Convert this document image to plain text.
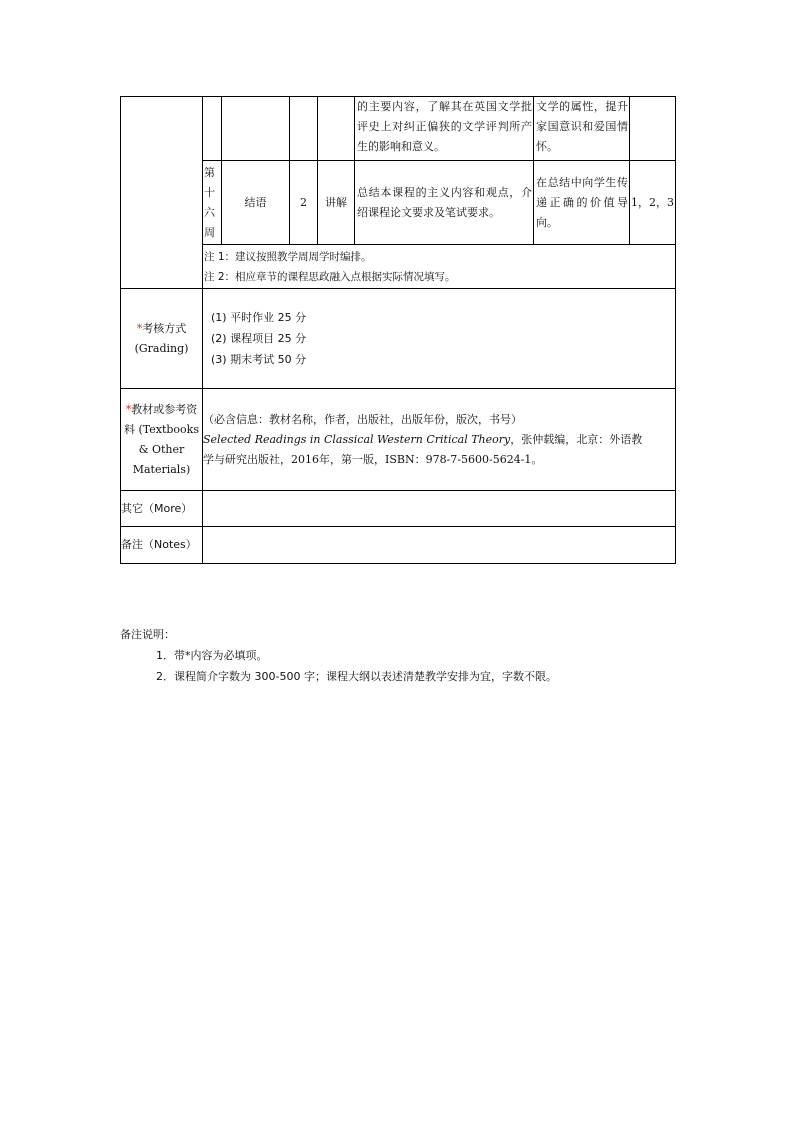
					的主要内容，了解其在英国文学批评史上对纠正偏狭的文学评判所产生的影响和意义。	文学的属性，提升家国意识和爱国情怀。	

	第
十
六
周	结语	2	讲解	总结本课程的主义内容和观点，介绍课程论文要求及笔试要求。	在总结中向学生传递正确的价值导向。	1，2，3

	注 1：建议按照教学周周学时编排。
注 2：相应章节的课程思政融入点根据实际情况填写。						

*考核方式
(Grading)	(1) 平时作业 25 分
(2) 课程项目 25 分
(3) 期末考试 50 分						

*教材或参考资
料 (Textbooks
& Other
Materials)	（必含信息：教材名称，作者，出版社，出版年份，版次，书号）
Selected Readings in Classical Western Critical Theory，张仲载编，北京：外语教
学与研究出版社，2016年，第一版，ISBN：978-7-5600-5624-1。						
其它（More）							
备注（Notes）							
备注说明：
1．带*内容为必填项。
2．课程简介字数为 300-500 字；课程大纲以表述清楚教学安排为宜，字数不限。
